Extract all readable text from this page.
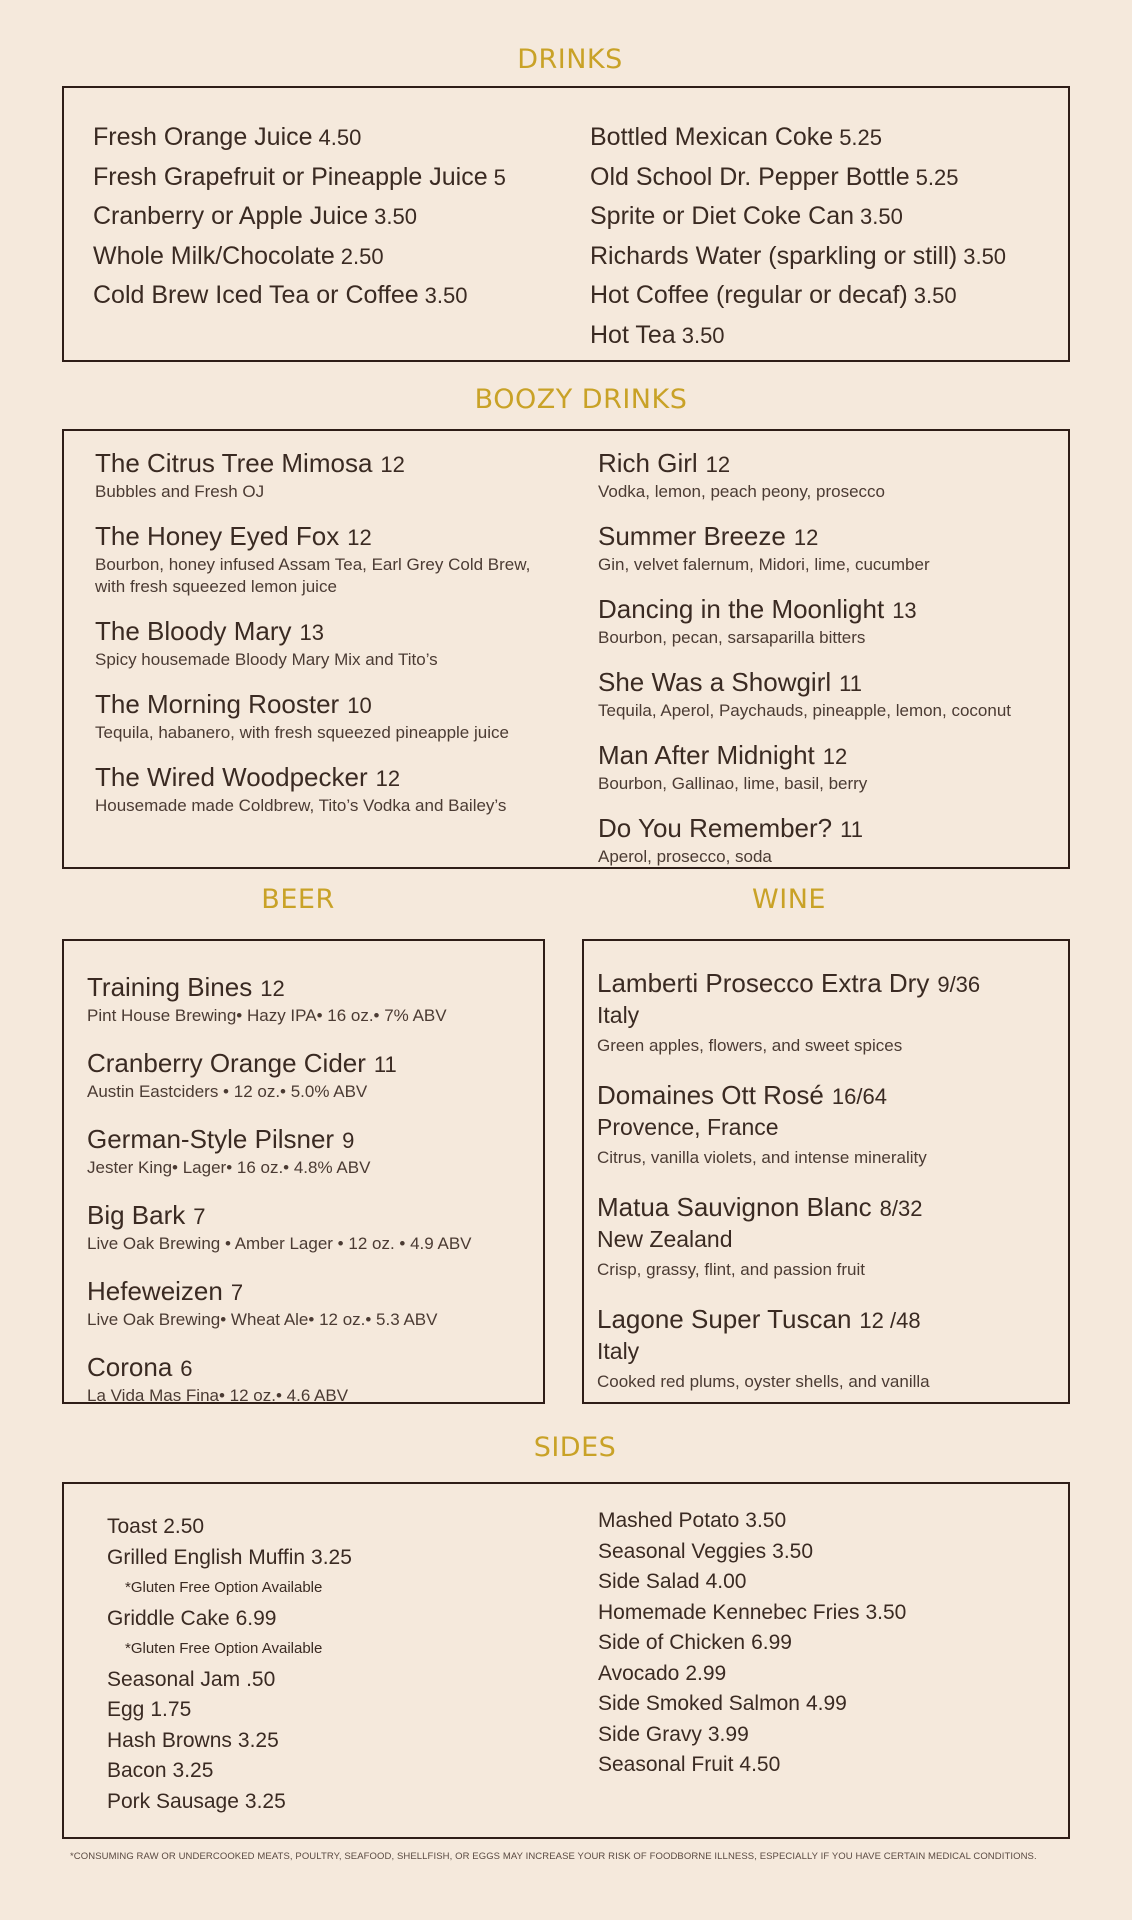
DRINKS
Fresh Orange Juice 4.50
Fresh Grapefruit or Pineapple Juice 5
Cranberry or Apple Juice 3.50
Whole Milk/Chocolate 2.50
Cold Brew Iced Tea or Coffee 3.50
Bottled Mexican Coke 5.25
Old School Dr. Pepper Bottle 5.25
Sprite or Diet Coke Can 3.50
Richards Water (sparkling or still) 3.50
Hot Coffee (regular or decaf) 3.50
Hot Tea 3.50
BOOZY DRINKS
The Citrus Tree Mimosa 12
Bubbles and Fresh OJ
The Honey Eyed Fox 12
Bourbon, honey infused Assam Tea, Earl Grey Cold Brew, with fresh squeezed lemon juice
The Bloody Mary 13
Spicy housemade Bloody Mary Mix and Tito’s
The Morning Rooster 10
Tequila, habanero, with fresh squeezed pineapple juice
The Wired Woodpecker 12
Housemade made Coldbrew, Tito’s Vodka and Bailey’s
Rich Girl 12
Vodka, lemon, peach peony, prosecco
Summer Breeze 12
Gin, velvet falernum, Midori, lime, cucumber
Dancing in the Moonlight 13
Bourbon, pecan, sarsaparilla bitters
She Was a Showgirl 11
Tequila, Aperol, Paychauds, pineapple, lemon, coconut
Man After Midnight 12
Bourbon, Gallinao, lime, basil, berry
Do You Remember? 11
Aperol, prosecco, soda
BEER
Training Bines 12
Pint House Brewing• Hazy IPA• 16 oz.• 7% ABV
Cranberry Orange Cider 11
Austin Eastciders • 12 oz.• 5.0% ABV
German-Style Pilsner 9
Jester King• Lager• 16 oz.• 4.8% ABV
Big Bark 7
Live Oak Brewing • Amber Lager • 12 oz. • 4.9 ABV
Hefeweizen 7
Live Oak Brewing• Wheat Ale• 12 oz.• 5.3 ABV
Corona 6
La Vida Mas Fina• 12 oz.• 4.6 ABV
WINE
Lamberti Prosecco Extra Dry 9/36
Italy
Green apples, flowers, and sweet spices
Domaines Ott Rosé 16/64
Provence, France
Citrus, vanilla violets, and intense minerality
Matua Sauvignon Blanc 8/32
New Zealand
Crisp, grassy, flint, and passion fruit
Lagone Super Tuscan 12 /48
Italy
Cooked red plums, oyster shells, and vanilla
SIDES
Toast 2.50
Grilled English Muffin 3.25
*Gluten Free Option Available
Griddle Cake 6.99
*Gluten Free Option Available
Seasonal Jam .50
Egg 1.75
Hash Browns 3.25
Bacon 3.25
Pork Sausage 3.25
Mashed Potato 3.50
Seasonal Veggies 3.50
Side Salad 4.00
Homemade Kennebec Fries 3.50
Side of Chicken 6.99
Avocado 2.99
Side Smoked Salmon 4.99
Side Gravy 3.99
Seasonal Fruit 4.50
*CONSUMING RAW OR UNDERCOOKED MEATS, POULTRY, SEAFOOD, SHELLFISH, OR EGGS MAY INCREASE YOUR RISK OF FOODBORNE ILLNESS, ESPECIALLY IF YOU HAVE CERTAIN MEDICAL CONDITIONS.
